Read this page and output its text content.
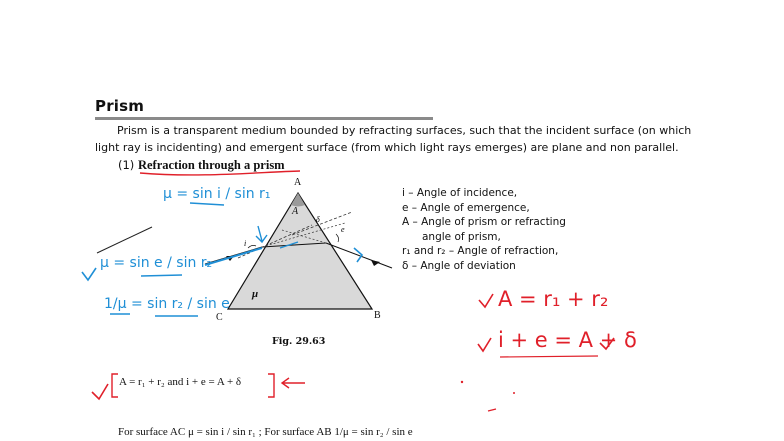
Prism
Prism is a transparent medium bounded by refracting surfaces, such that the incident surface (on which light ray is incidenting) and emergent surface (from which light rays emerges) are plane and non parallel.
(1) Refraction through a prism
i
e
δ
A
A
C	B
μ
Fig. 29.63
i – Angle of incidence,
e – Angle of emergence,
A – Angle of prism or refracting
angle of prism,
r₁ and r₂ – Angle of refraction,
δ – Angle of deviation
μ = sin i / sin r₁
μ = sin e / sin r₂
1/μ = sin r₂ / sin e	A = r₁ + r₂
i + e = A + δ
A = r₁ + r₂ and i + e = A + δ
For surface AC μ = sin i / sin r₁ ; For surface AB 1/μ = sin r₂ / sin e
